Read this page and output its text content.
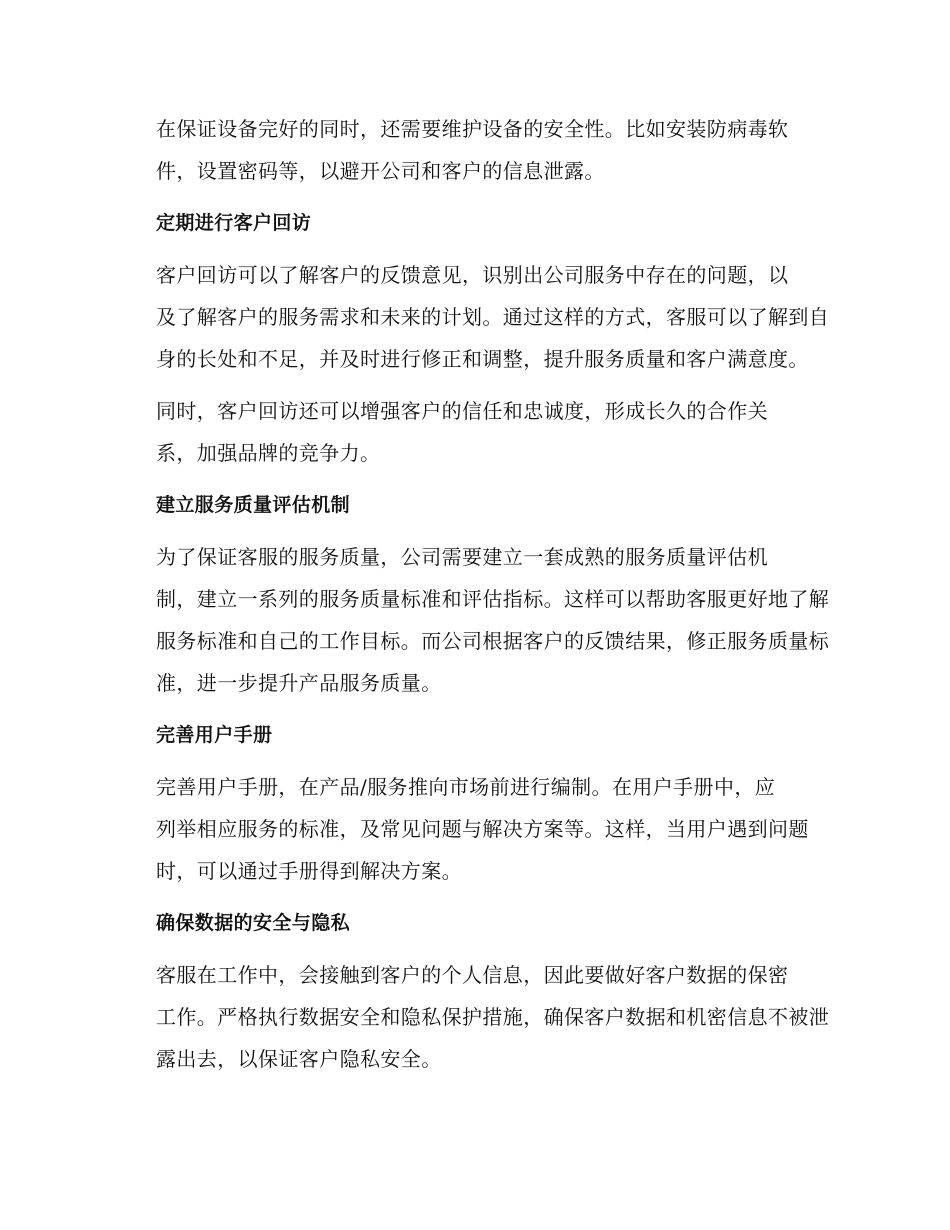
在保证设备完好的同时，还需要维护设备的安全性。比如安装防病毒软
件，设置密码等，以避开公司和客户的信息泄露。

定期进行客户回访

客户回访可以了解客户的反馈意见，识别出公司服务中存在的问题，以
及了解客户的服务需求和未来的计划。通过这样的方式，客服可以了解到自
身的长处和不足，并及时进行修正和调整，提升服务质量和客户满意度。

同时，客户回访还可以增强客户的信任和忠诚度，形成长久的合作关
系，加强品牌的竞争力。

建立服务质量评估机制

为了保证客服的服务质量，公司需要建立一套成熟的服务质量评估机
制，建立一系列的服务质量标准和评估指标。这样可以帮助客服更好地了解
服务标准和自己的工作目标。而公司根据客户的反馈结果，修正服务质量标
准，进一步提升产品服务质量。

完善用户手册

完善用户手册，在产品/服务推向市场前进行编制。在用户手册中，应
列举相应服务的标准，及常见问题与解决方案等。这样，当用户遇到问题
时，可以通过手册得到解决方案。

确保数据的安全与隐私

客服在工作中，会接触到客户的个人信息，因此要做好客户数据的保密
工作。严格执行数据安全和隐私保护措施，确保客户数据和机密信息不被泄
露出去，以保证客户隐私安全。
